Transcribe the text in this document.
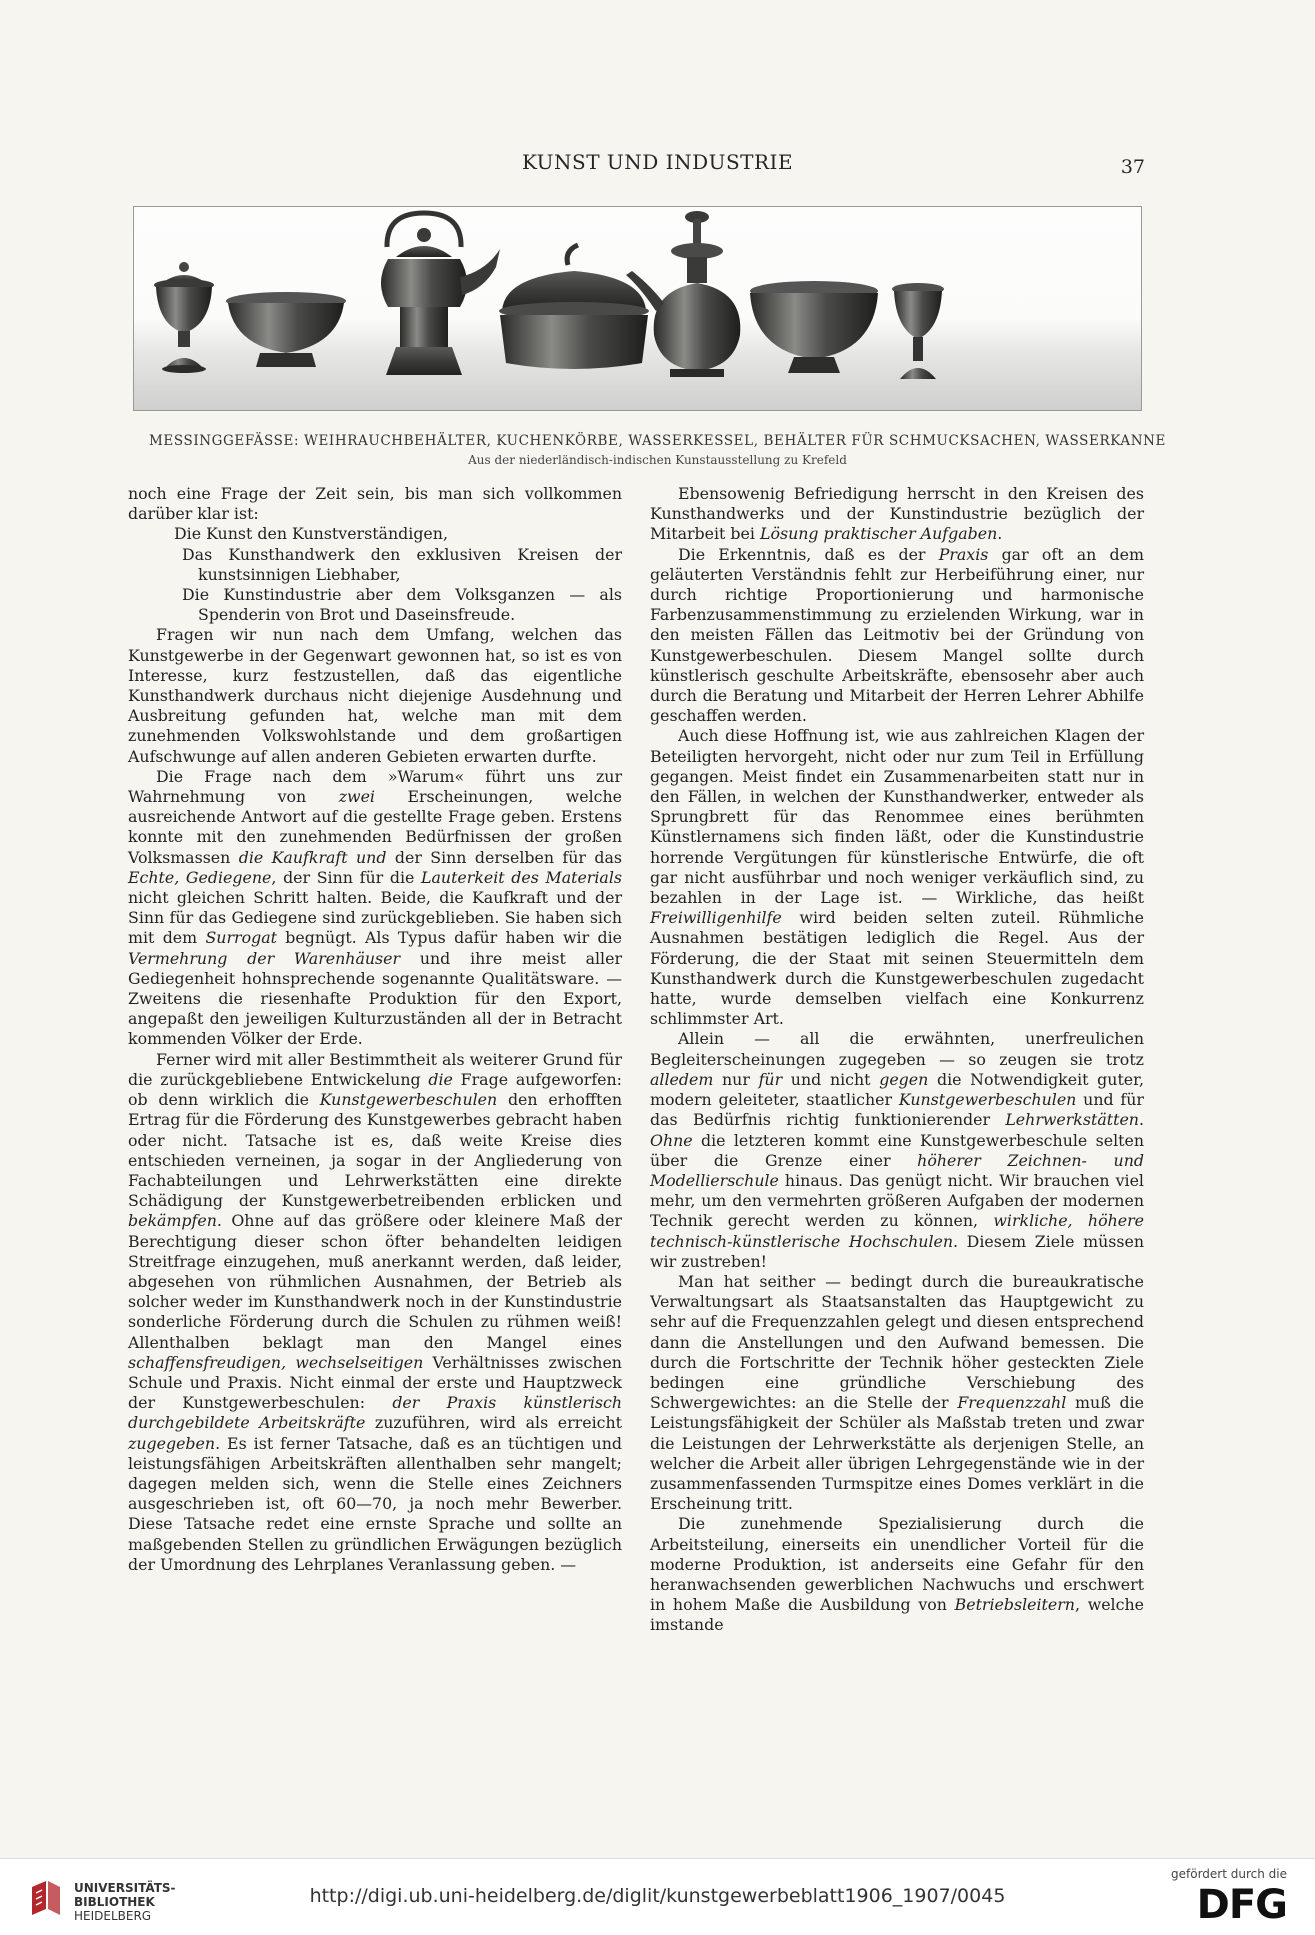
KUNST UND INDUSTRIE	37
MESSINGGEFÄSSE: WEIHRAUCHBEHÄLTER, KUCHENKÖRBE, WASSERKESSEL, BEHÄLTER FÜR SCHMUCKSACHEN, WASSERKANNE
Aus der niederländisch-indischen Kunstausstellung zu Krefeld

noch eine Frage der Zeit sein, bis man sich vollkommen darüber klar ist:

Die Kunst den Kunstverständigen,

Das Kunsthandwerk den exklusiven Kreisen der kunstsinnigen Liebhaber,

Die Kunstindustrie aber dem Volksganzen — als Spenderin von Brot und Daseinsfreude.

Fragen wir nun nach dem Umfang, welchen das Kunstgewerbe in der Gegenwart gewonnen hat, so ist es von Interesse, kurz festzustellen, daß das eigentliche Kunsthandwerk durchaus nicht diejenige Ausdehnung und Ausbreitung gefunden hat, welche man mit dem zunehmenden Volkswohlstande und dem großartigen Aufschwunge auf allen anderen Gebieten erwarten durfte.

Die Frage nach dem »Warum« führt uns zur Wahrnehmung von zwei Erscheinungen, welche ausreichende Antwort auf die gestellte Frage geben. Erstens konnte mit den zunehmenden Bedürfnissen der großen Volksmassen die Kaufkraft und der Sinn derselben für das Echte, Gediegene, der Sinn für die Lauterkeit des Materials nicht gleichen Schritt halten. Beide, die Kaufkraft und der Sinn für das Gediegene sind zurückgeblieben. Sie haben sich mit dem Surrogat begnügt. Als Typus dafür haben wir die Vermehrung der Warenhäuser und ihre meist aller Gediegenheit hohnsprechende sogenannte Qualitätsware. — Zweitens die riesenhafte Produktion für den Export, angepaßt den jeweiligen Kulturzuständen all der in Betracht kommenden Völker der Erde.

Ferner wird mit aller Bestimmtheit als weiterer Grund für die zurückgebliebene Entwickelung die Frage aufgeworfen: ob denn wirklich die Kunstgewerbeschulen den erhofften Ertrag für die Förderung des Kunstgewerbes gebracht haben oder nicht. Tatsache ist es, daß weite Kreise dies entschieden verneinen, ja sogar in der Angliederung von Fachabteilungen und Lehrwerkstätten eine direkte Schädigung der Kunstgewerbetreibenden erblicken und bekämpfen. Ohne auf das größere oder kleinere Maß der Berechtigung dieser schon öfter behandelten leidigen Streitfrage einzugehen, muß anerkannt werden, daß leider, abgesehen von rühmlichen Ausnahmen, der Betrieb als solcher weder im Kunsthandwerk noch in der Kunstindustrie sonderliche Förderung durch die Schulen zu rühmen weiß! Allenthalben beklagt man den Mangel eines schaffensfreudigen, wechselseitigen Verhältnisses zwischen Schule und Praxis. Nicht einmal der erste und Hauptzweck der Kunstgewerbeschulen: der Praxis künstlerisch durchgebildete Arbeitskräfte zuzuführen, wird als erreicht zugegeben. Es ist ferner Tatsache, daß es an tüchtigen und leistungsfähigen Arbeitskräften allenthalben sehr mangelt; dagegen melden sich, wenn die Stelle eines Zeichners ausgeschrieben ist, oft 60—70, ja noch mehr Bewerber. Diese Tatsache redet eine ernste Sprache und sollte an maßgebenden Stellen zu gründlichen Erwägungen bezüglich der Umordnung des Lehrplanes Veranlassung geben. —

Ebensowenig Befriedigung herrscht in den Kreisen des Kunsthandwerks und der Kunstindustrie bezüglich der Mitarbeit bei Lösung praktischer Aufgaben.

Die Erkenntnis, daß es der Praxis gar oft an dem geläuterten Verständnis fehlt zur Herbeiführung einer, nur durch richtige Proportionierung und harmonische Farbenzusammenstimmung zu erzielenden Wirkung, war in den meisten Fällen das Leitmotiv bei der Gründung von Kunstgewerbeschulen. Diesem Mangel sollte durch künstlerisch geschulte Arbeitskräfte, ebensosehr aber auch durch die Beratung und Mitarbeit der Herren Lehrer Abhilfe geschaffen werden.

Auch diese Hoffnung ist, wie aus zahlreichen Klagen der Beteiligten hervorgeht, nicht oder nur zum Teil in Erfüllung gegangen. Meist findet ein Zusammenarbeiten statt nur in den Fällen, in welchen der Kunsthandwerker, entweder als Sprungbrett für das Renommee eines berühmten Künstlernamens sich finden läßt, oder die Kunstindustrie horrende Vergütungen für künstlerische Entwürfe, die oft gar nicht ausführbar und noch weniger verkäuflich sind, zu bezahlen in der Lage ist. — Wirkliche, das heißt Freiwilligenhilfe wird beiden selten zuteil. Rühmliche Ausnahmen bestätigen lediglich die Regel. Aus der Förderung, die der Staat mit seinen Steuermitteln dem Kunsthandwerk durch die Kunstgewerbeschulen zugedacht hatte, wurde demselben vielfach eine Konkurrenz schlimmster Art.

Allein — all die erwähnten, unerfreulichen Begleiterscheinungen zugegeben — so zeugen sie trotz alledem nur für und nicht gegen die Notwendigkeit guter, modern geleiteter, staatlicher Kunstgewerbeschulen und für das Bedürfnis richtig funktionierender Lehrwerkstätten. Ohne die letzteren kommt eine Kunstgewerbeschule selten über die Grenze einer höherer Zeichnen- und Modellierschule hinaus. Das genügt nicht. Wir brauchen viel mehr, um den vermehrten größeren Aufgaben der modernen Technik gerecht werden zu können, wirkliche, höhere technisch-künstlerische Hochschulen. Diesem Ziele müssen wir zustreben!

Man hat seither — bedingt durch die bureaukratische Verwaltungsart als Staatsanstalten das Hauptgewicht zu sehr auf die Frequenzzahlen gelegt und diesen entsprechend dann die Anstellungen und den Aufwand bemessen. Die durch die Fortschritte der Technik höher gesteckten Ziele bedingen eine gründliche Verschiebung des Schwergewichtes: an die Stelle der Frequenzzahl muß die Leistungsfähigkeit der Schüler als Maßstab treten und zwar die Leistungen der Lehrwerkstätte als derjenigen Stelle, an welcher die Arbeit aller übrigen Lehrgegenstände wie in der zusammenfassenden Turmspitze eines Domes verklärt in die Erscheinung tritt.

Die zunehmende Spezialisierung durch die Arbeitsteilung, einerseits ein unendlicher Vorteil für die moderne Produktion, ist anderseits eine Gefahr für den heranwachsenden gewerblichen Nachwuchs und erschwert in hohem Maße die Ausbildung von Betriebsleitern, welche imstande

UNIVERSITÄTS-
BIBLIOTHEK
HEIDELBERG
http://digi.ub.uni-heidelberg.de/diglit/kunstgewerbeblatt1906_1907/0045
gefördert durch die
DFG
